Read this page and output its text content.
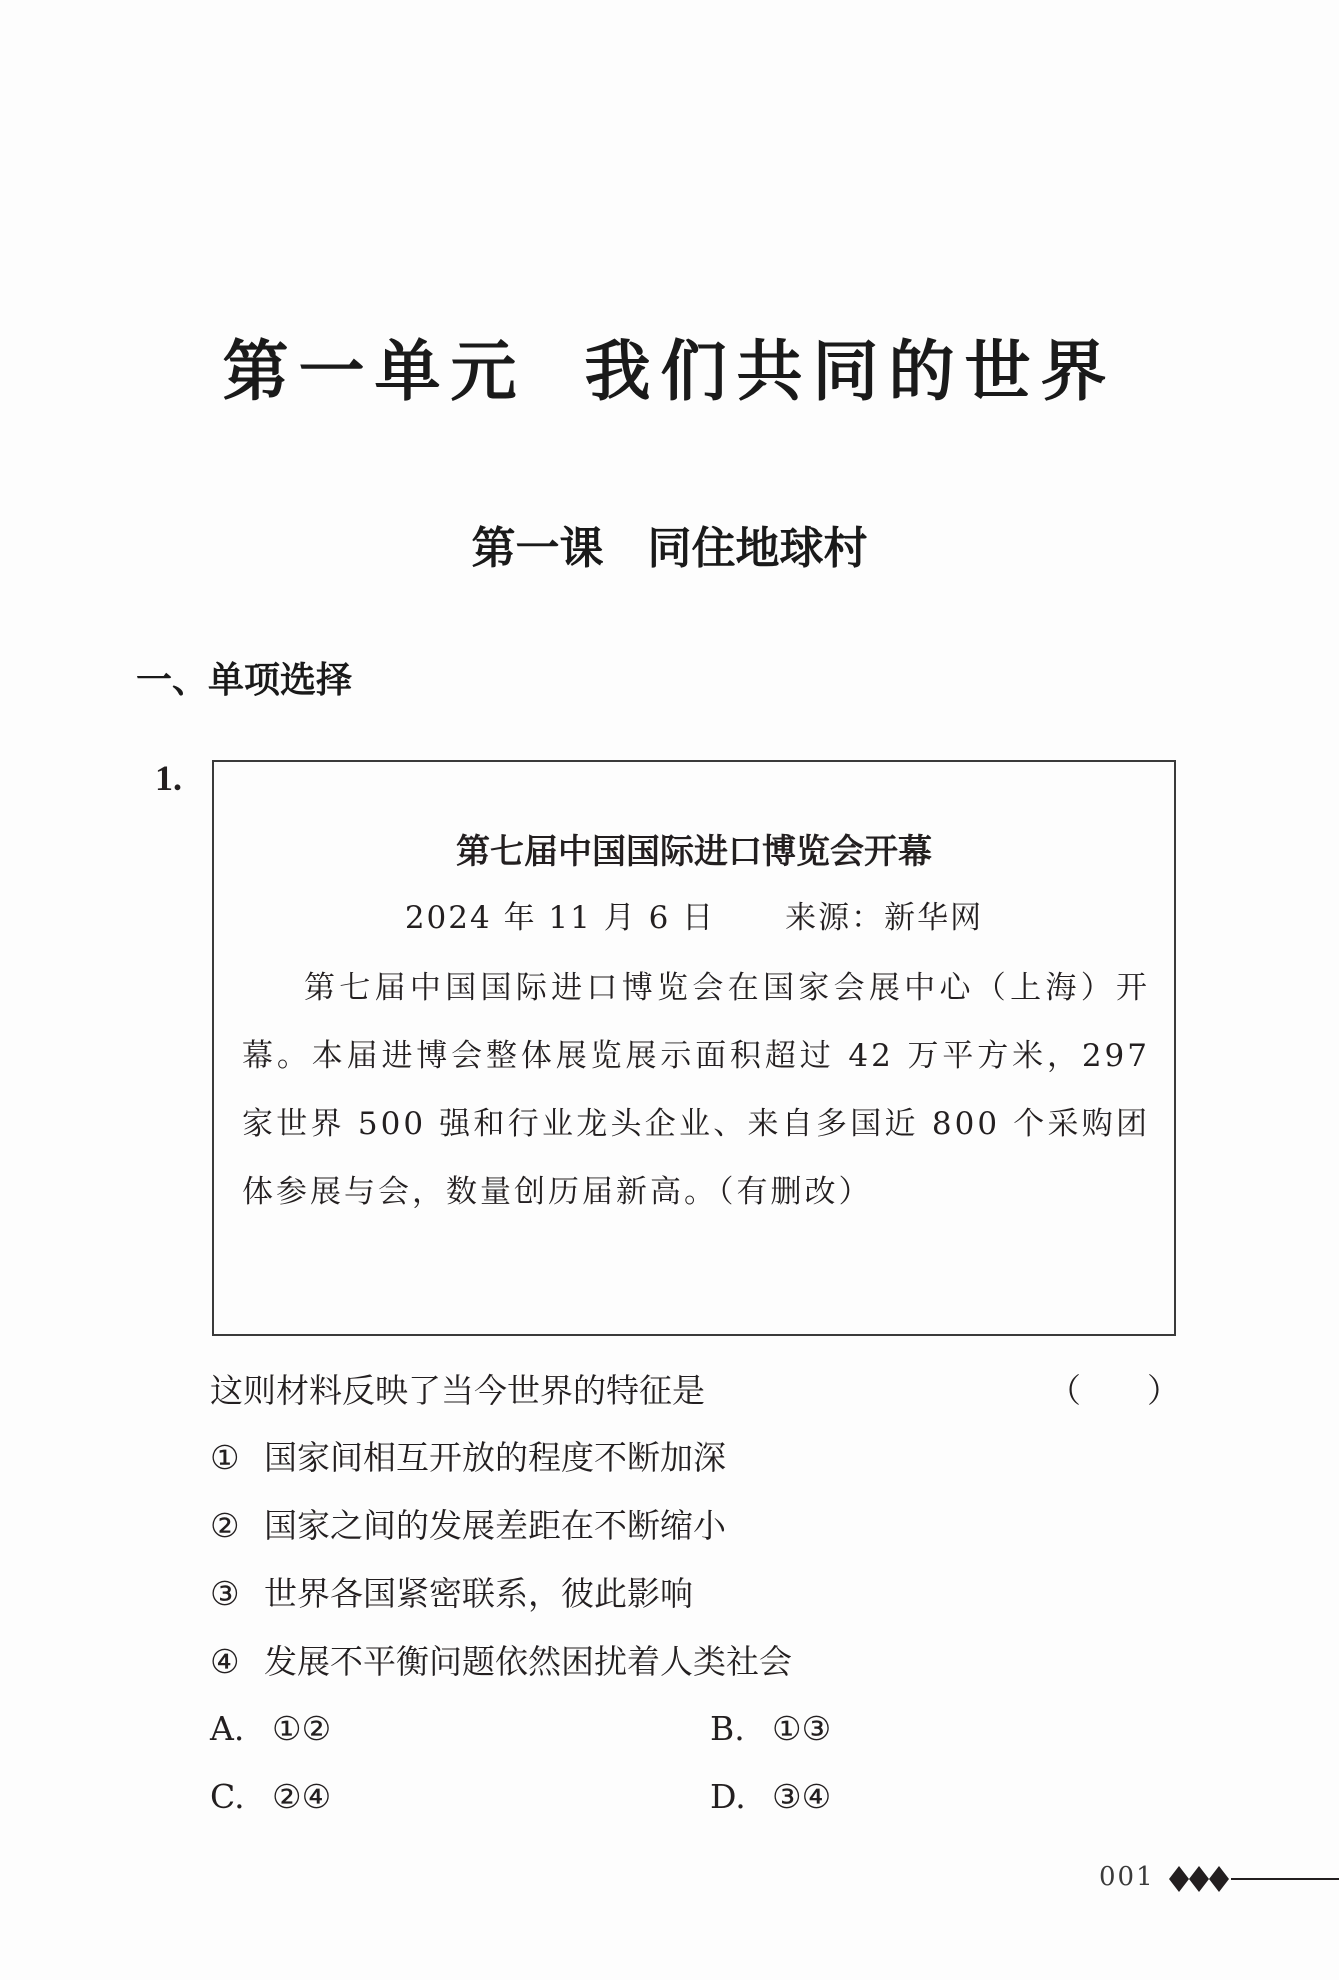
第一单元 我们共同的世界
第一课 同住地球村
一、单项选择
1.
第七届中国国际进口博览会开幕
2024 年 11 月 6 日 来源：新华网
第七届中国国际进口博览会在国家会展中心（上海）开幕。本届进博会整体展览展示面积超过 42 万平方米，297 家世界 500 强和行业龙头企业、来自多国近 800 个采购团体参展与会，数量创历届新高。（有删改）
这则材料反映了当今世界的特征是	（　　）
① 国家间相互开放的程度不断加深
② 国家之间的发展差距在不断缩小
③ 世界各国紧密联系，彼此影响
④ 发展不平衡问题依然困扰着人类社会
A. ①②	B. ①③
C. ②④	D. ③④
001
